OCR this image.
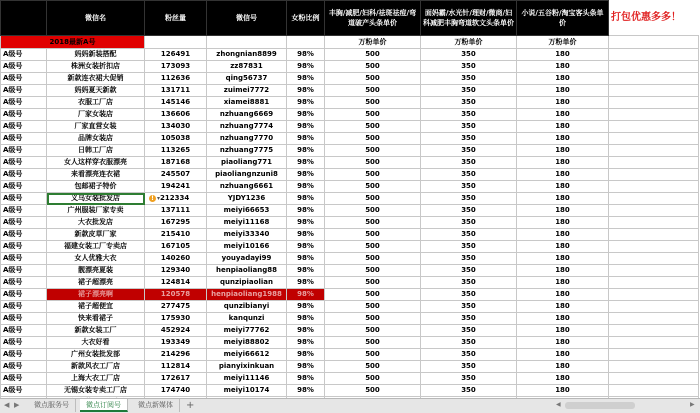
	微信名	粉丝量	微信号	女粉比例	丰胸/减肥/妇科/祛斑祛痘/弯道破产头条单价	面妈霸/水光针/理财/微商/妇科减肥丰胸弯道软文头条单价	小说/五谷粉/淘宝客头条单价	打包优惠多多！
2018最新A号					万粉单价	万粉单价	万粉单价	
A级号	妈妈新装搭配	126491	zhongnian8899	98%	500	350	180	
A级号	株洲女装折扣店	173093	zz87831	98%	500	350	180	
A级号	新款连衣裙大促销	112636	qing56737	98%	500	350	180	
A级号	妈妈夏天新款	131711	zuimei7772	98%	500	350	180	
A级号	衣服工厂店	145146	xiamei8881	98%	500	350	180	
A级号	厂家女装店	136606	nzhuang6669	98%	500	350	180	
A级号	厂家直营女装	134030	nzhuang7774	98%	500	350	180	
A级号	品牌女装店	105038	nzhuang7770	98%	500	350	180	
A级号	日韩工厂店	113265	nzhuang7775	98%	500	350	180	
A级号	女人这样穿衣服漂亮	187168	piaoliang771	98%	500	350	180	
A级号	来看漂亮连衣裙	245507	piaoliangnzuni8	98%	500	350	180	
A级号	包邮裙子特价	194241	nzhuang6661	98%	500	350	180	
A级号	义乌女装批发店	! ▾212334	YJDY1236	98%	500	350	180	
A级号	广州服装厂家专卖	137111	meiyi66653	98%	500	350	180	
A级号	大衣批发店	167295	meiyi11168	98%	500	350	180	
A级号	新款皮草厂家	215410	meiyi33340	98%	500	350	180	
A级号	福建女装工厂专卖店	167105	meiyi10166	98%	500	350	180	
A级号	女人优雅大衣	140260	youyadayi99	98%	500	350	180	
A级号	靓漂亮夏装	129340	henpiaoliang88	98%	500	350	180	
A级号	裙子超漂亮	124814	qunzipiaolian	98%	500	350	180	
A级号	裙子漂亮啊	120578	henpiaoliang1988	98%	500	350	180	
A级号	裙子超便宜	277475	qunzibianyi	98%	500	350	180	
A级号	快来看裙子	175930	kanqunzi	98%	500	350	180	
A级号	新款女装工厂	452924	meiyi77762	98%	500	350	180	
A级号	大衣好看	193349	meiyi88802	98%	500	350	180	
A级号	广州女装批发部	214296	meiyi66612	98%	500	350	180	
A级号	新款风衣工厂店	112814	pianyixinkuan	98%	500	350	180	
A级号	上海大衣工厂店	172617	meiyi11146	98%	500	350	180	
A级号	无锡女装专卖工厂店	174740	meiyi10174	98%	500	350	180	

◀ ▶	微点服务号	微点订阅号	微点新媒体	+	◀	▶
